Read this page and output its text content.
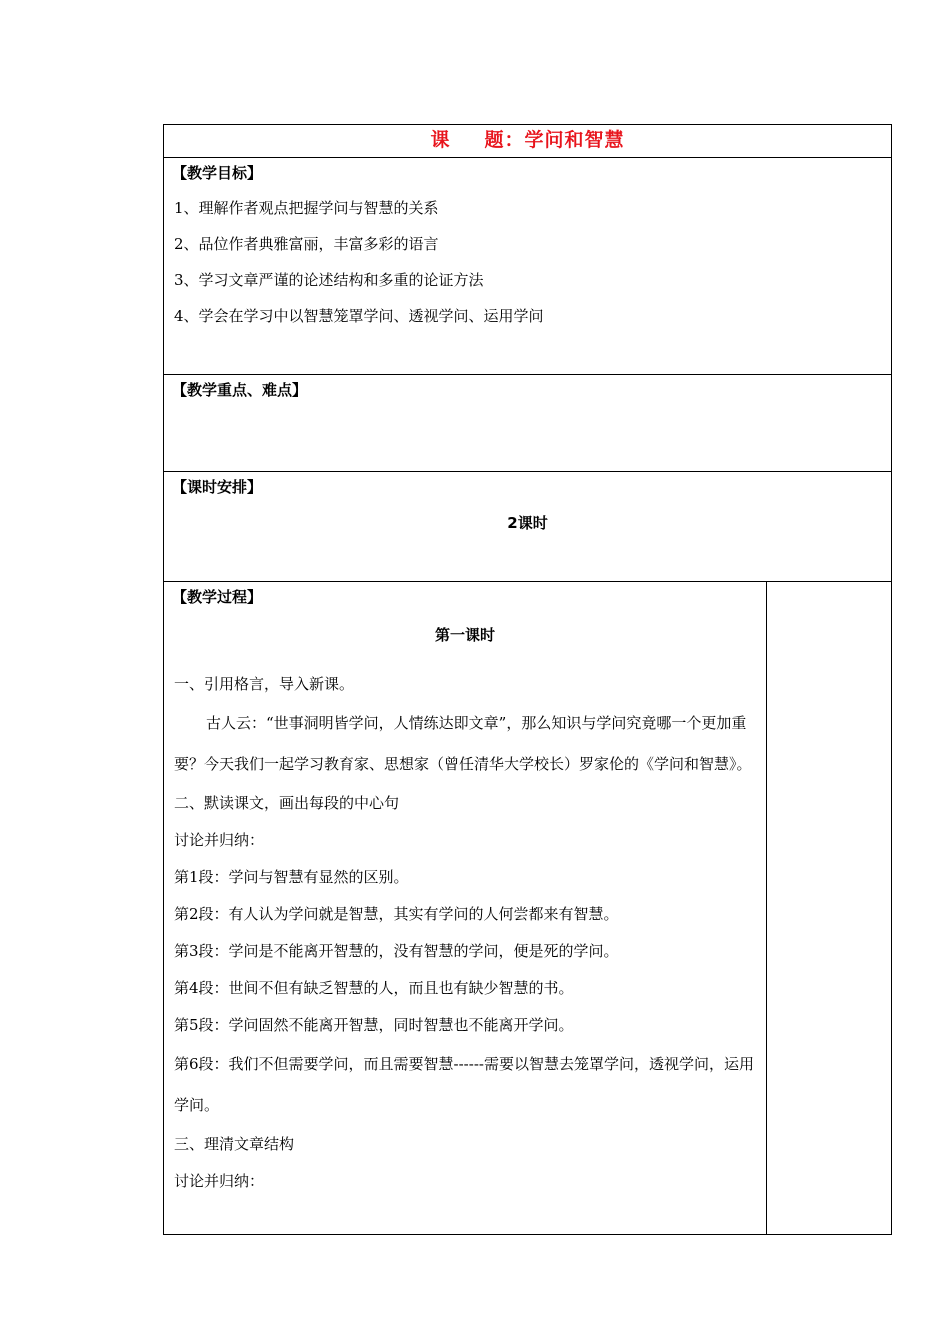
课 题：学问和智慧

【教学目标】
1、理解作者观点把握学问与智慧的关系
2、品位作者典雅富丽，丰富多彩的语言
3、学习文章严谨的论述结构和多重的论证方法
4、学会在学习中以智慧笼罩学问、透视学问、运用学问

【教学重点、难点】

【课时安排】
2课时

【教学过程】
第一课时
一、引用格言，导入新课。
古人云：“世事洞明皆学问，人情练达即文章”，那么知识与学问究竟哪一个更加重要？今天我们一起学习教育家、思想家（曾任清华大学校长）罗家伦的《学问和智慧》。
二、默读课文，画出每段的中心句
讨论并归纳：
第1段：学问与智慧有显然的区别。
第2段：有人认为学问就是智慧，其实有学问的人何尝都来有智慧。
第3段：学问是不能离开智慧的，没有智慧的学问，便是死的学问。
第4段：世间不但有缺乏智慧的人，而且也有缺少智慧的书。
第5段：学问固然不能离开智慧，同时智慧也不能离开学问。
第6段：我们不但需要学问，而且需要智慧------需要以智慧去笼罩学问，透视学问，运用学问。
三、理清文章结构
讨论并归纳：
